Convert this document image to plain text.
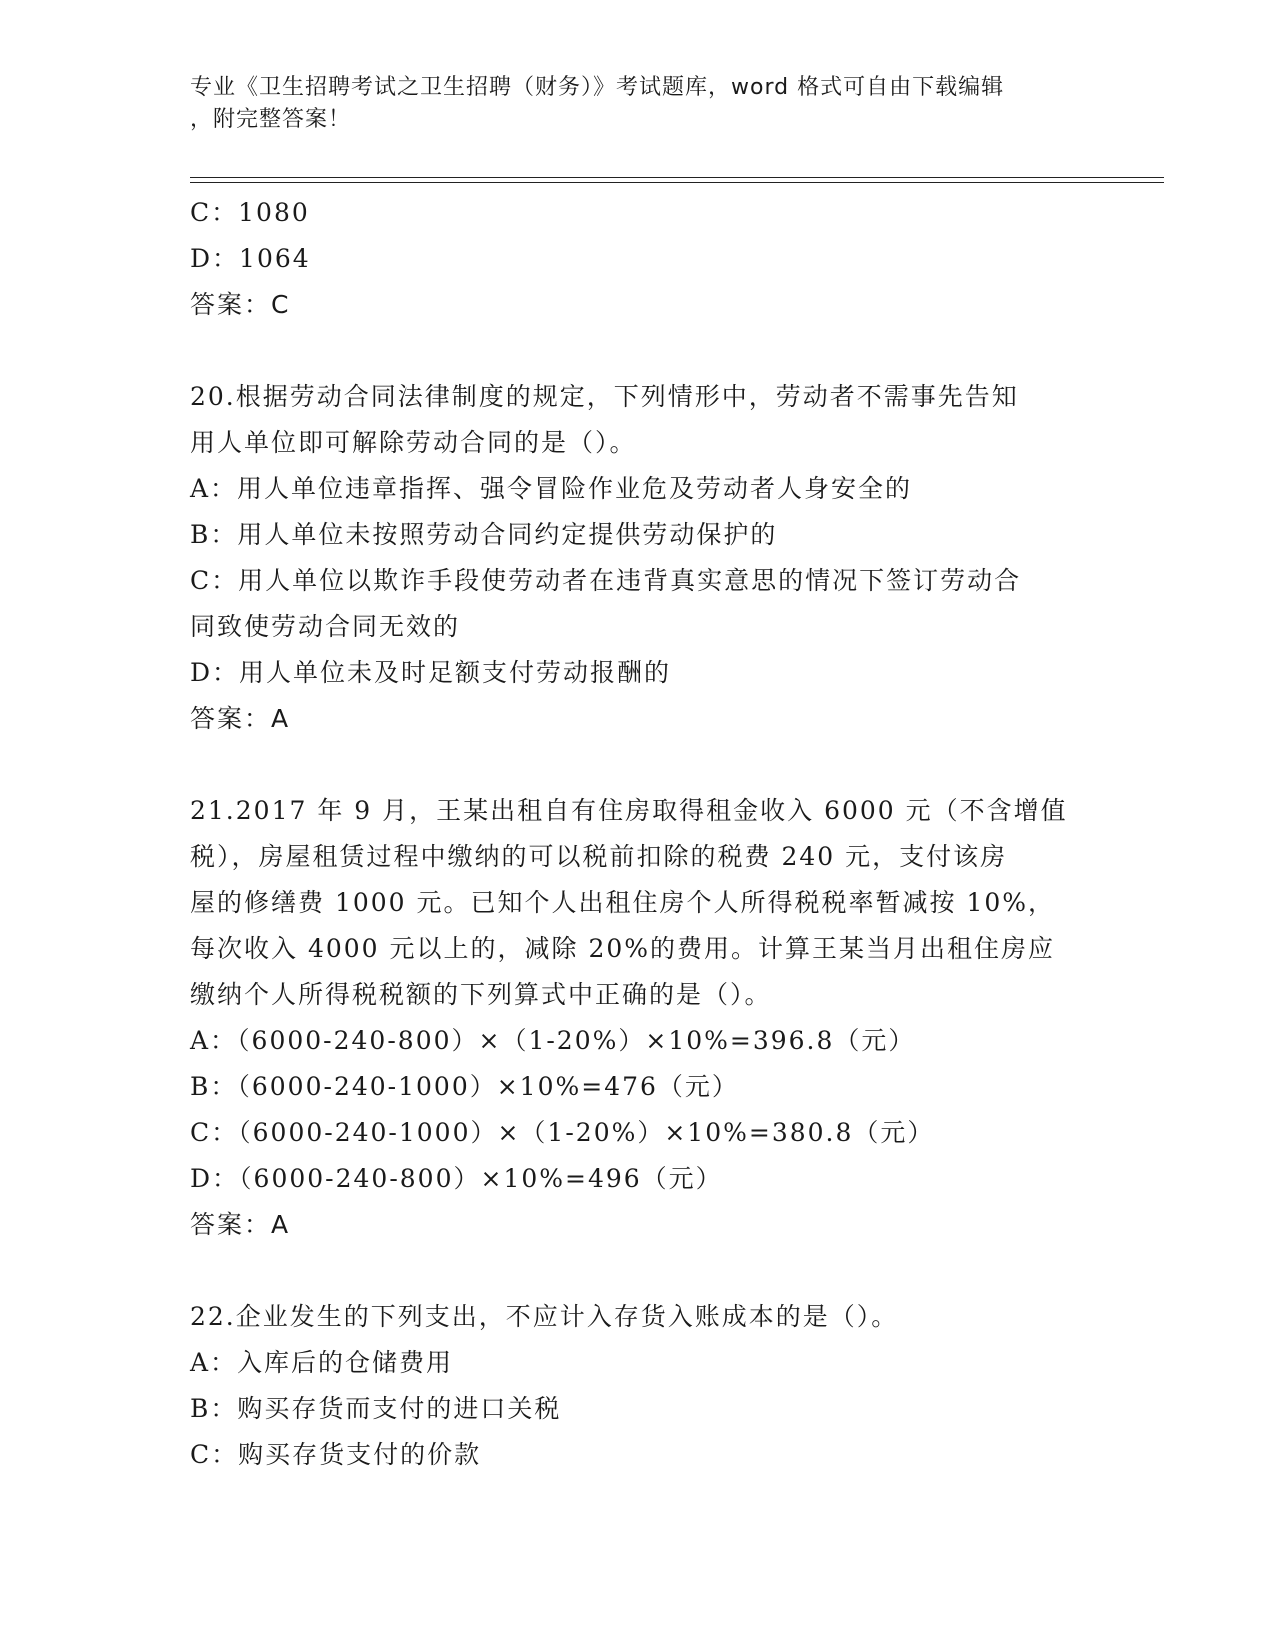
专业《卫生招聘考试之卫生招聘（财务）》考试题库，word 格式可自由下载编辑
，附完整答案！
C：1080
D：1064
答案：C
20.根据劳动合同法律制度的规定，下列情形中，劳动者不需事先告知
用人单位即可解除劳动合同的是（）。
A：用人单位违章指挥、强令冒险作业危及劳动者人身安全的
B：用人单位未按照劳动合同约定提供劳动保护的
C：用人单位以欺诈手段使劳动者在违背真实意思的情况下签订劳动合
同致使劳动合同无效的
D：用人单位未及时足额支付劳动报酬的
答案：A
21.2017 年 9 月，王某出租自有住房取得租金收入 6000 元（不含增值
税），房屋租赁过程中缴纳的可以税前扣除的税费 240 元，支付该房
屋的修缮费 1000 元。已知个人出租住房个人所得税税率暂减按 10%，
每次收入 4000 元以上的，减除 20%的费用。计算王某当月出租住房应
缴纳个人所得税税额的下列算式中正确的是（）。
A：（6000-240-800）×（1-20%）×10%=396.8（元）
B：（6000-240-1000）×10%=476（元）
C：（6000-240-1000）×（1-20%）×10%=380.8（元）
D：（6000-240-800）×10%=496（元）
答案：A
22.企业发生的下列支出，不应计入存货入账成本的是（）。
A：入库后的仓储费用
B：购买存货而支付的进口关税
C：购买存货支付的价款
